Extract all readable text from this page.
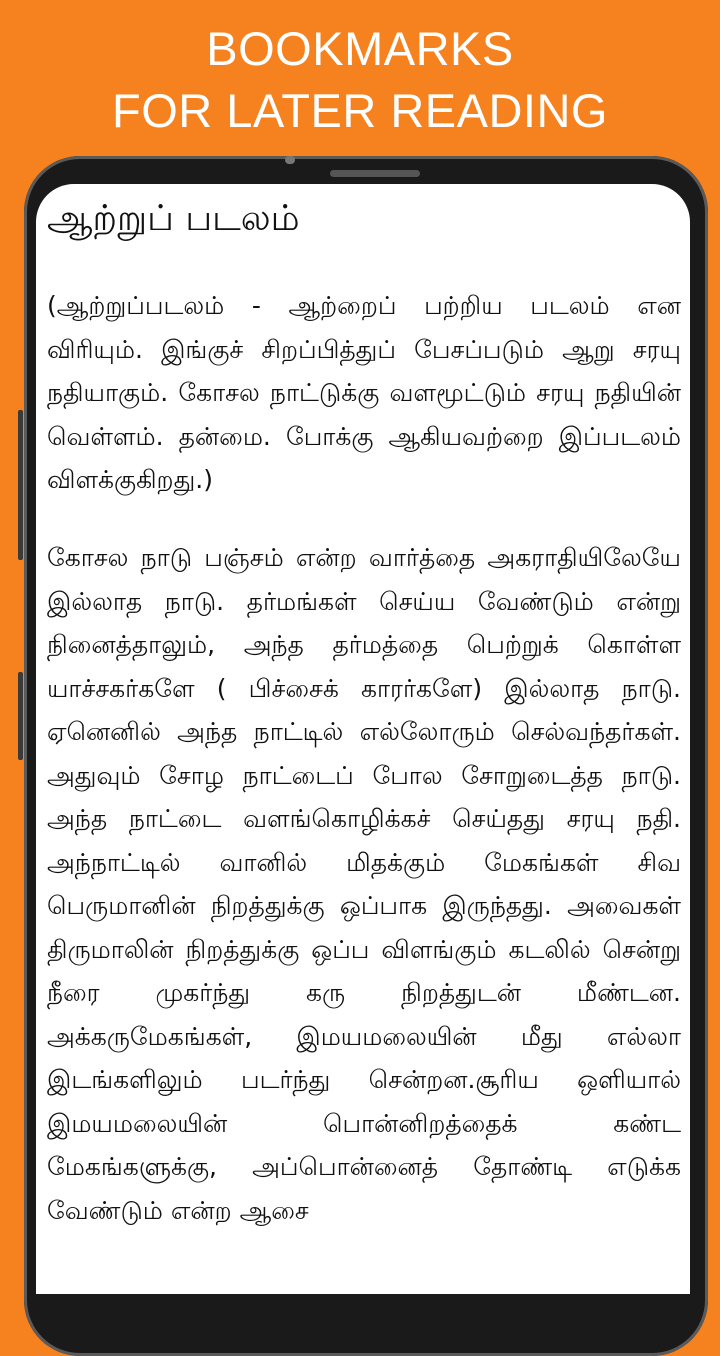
BOOKMARKS
FOR LATER READING
ஆற்றுப் படலம்

(ஆற்றுப்படலம் - ஆற்றைப் பற்றிய படலம் என விரியும். இங்குச் சிறப்பித்துப் பேசப்படும் ஆறு சரயு நதியாகும். கோசல நாட்டுக்கு வளமூட்டும் சரயு நதியின் வெள்ளம். தன்மை. போக்கு ஆகியவற்றை இப்படலம் விளக்குகிறது.)

கோசல நாடு பஞ்சம் என்ற வார்த்தை அகராதியிலேயே இல்லாத நாடு. தர்மங்கள் செய்ய வேண்டும் என்று நினைத்தாலும், அந்த தர்மத்தை பெற்றுக் கொள்ள யாச்சகர்களே ( பிச்சைக் காரர்களே) இல்லாத நாடு. ஏனெனில் அந்த நாட்டில் எல்லோரும் செல்வந்தர்கள். அதுவும் சோழ நாட்டைப் போல சோறுடைத்த நாடு. அந்த நாட்டை வளங்கொழிக்கச் செய்தது சரயு நதி. அந்நாட்டில் வானில் மிதக்கும் மேகங்கள் சிவ பெருமானின் நிறத்துக்கு ஒப்பாக இருந்தது. அவைகள் திருமாலின் நிறத்துக்கு ஒப்ப விளங்கும் கடலில் சென்று நீரை முகர்ந்து கரு நிறத்துடன் மீண்டன. அக்கருமேகங்கள், இமயமலையின் மீது எல்லா இடங்களிலும் படர்ந்து சென்றன.சூரிய ஒளியால் இமயமலையின் பொன்னிறத்தைக் கண்ட மேகங்களுக்கு, அப்பொன்னைத் தோண்டி எடுக்க வேண்டும் என்ற ஆசை
